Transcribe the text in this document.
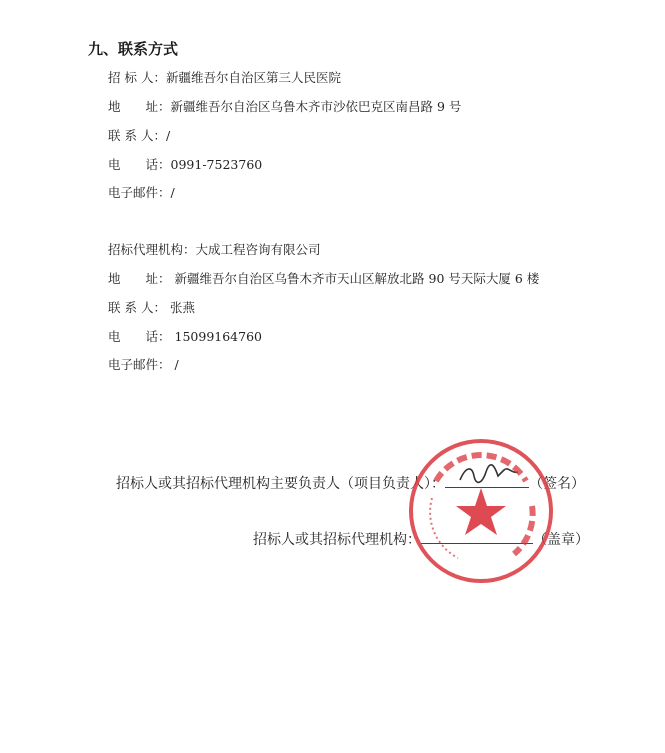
九、联系方式
招 标 人：新疆维吾尔自治区第三人民医院
地　　址：新疆维吾尔自治区乌鲁木齐市沙依巴克区南昌路 9 号
联 系 人：/
电　　话：0991-7523760
电子邮件：/
招标代理机构：大成工程咨询有限公司
地　　址： 新疆维吾尔自治区乌鲁木齐市天山区解放北路 90 号天际大厦 6 楼
联 系 人： 张燕
电　　话： 15099164760
电子邮件： /
招标人或其招标代理机构主要负责人（项目负责人）：	（签名）
招标人或其招标代理机构：	（盖章）
